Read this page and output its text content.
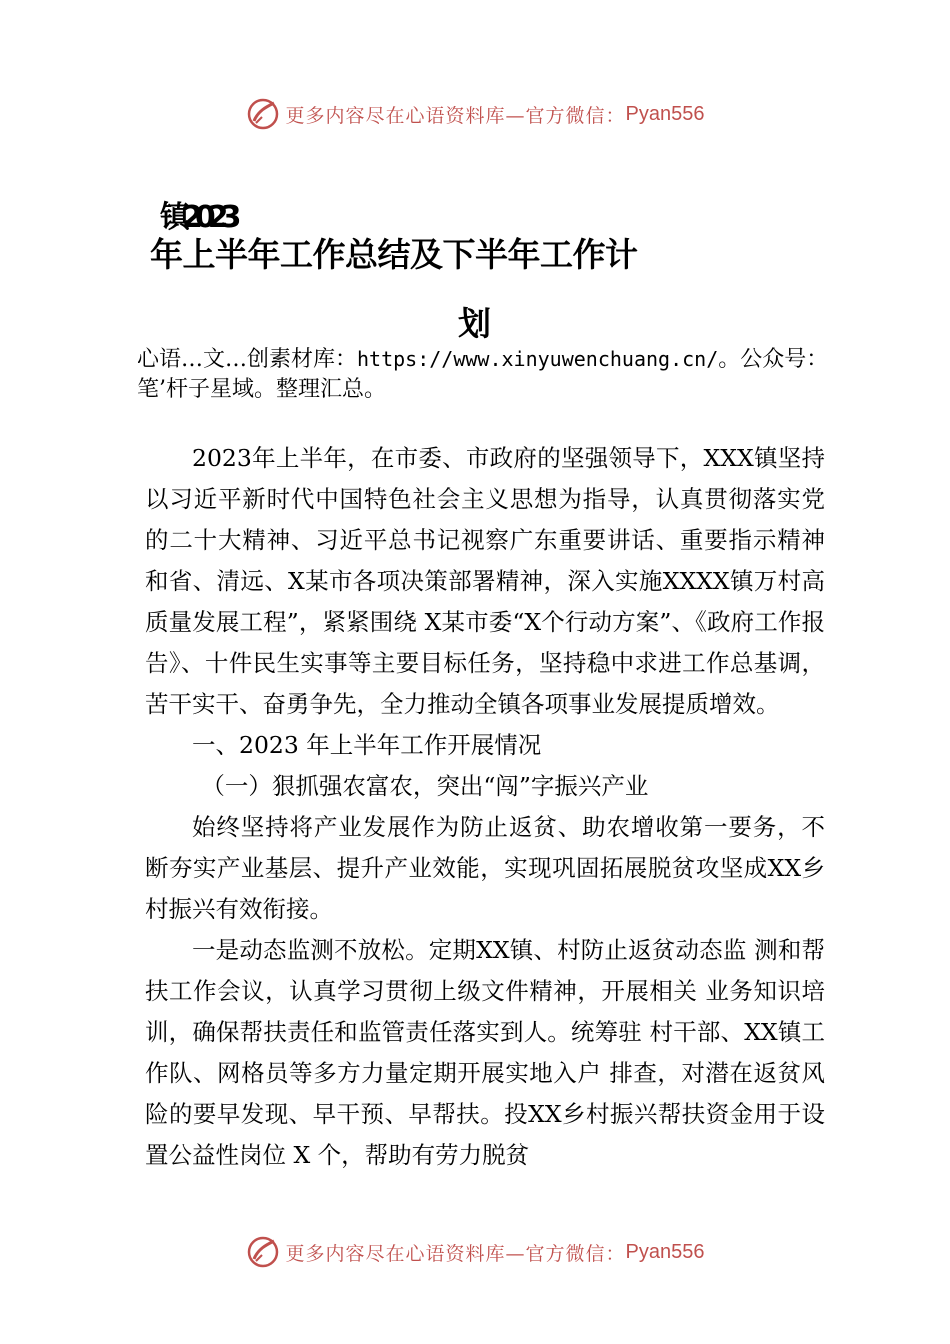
更多内容尽在心语资料库—官方微信： Pyan556
镇2023
年上半年工作总结及下半年工作计
划
心语…文…创素材库：https://www.xinyuwenchuang.cn/。公众号：笔’杆子星域。整理汇总。

2023年上半年，在市委、市政府的坚强领导下，XXX镇坚持以习近平新时代中国特色社会主义思想为指导，认真贯彻落实党的二十大精神、习近平总书记视察广东重要讲话、重要指示精神和省、清远、X某市各项决策部署精神，深入实施XXXX镇万村高质量发展工程”，紧紧围绕 X某市委“X个行动方案”、《政府工作报告》、十件民生实事等主要目标任务，坚持稳中求进工作总基调，苦干实干、奋勇争先，全力推动全镇各项事业发展提质增效。

一、2023 年上半年工作开展情况

（一）狠抓强农富农，突出“闯”字振兴产业

始终坚持将产业发展作为防止返贫、助农增收第一要务，不断夯实产业基层、提升产业效能，实现巩固拓展脱贫攻坚成XX乡村振兴有效衔接。

一是动态监测不放松。定期XX镇、村防止返贫动态监 测和帮扶工作会议，认真学习贯彻上级文件精神，开展相关 业务知识培训，确保帮扶责任和监管责任落实到人。统筹驻 村干部、XX镇工作队、网格员等多方力量定期开展实地入户 排查，对潜在返贫风险的要早发现、早干预、早帮扶。投XX乡村振兴帮扶资金用于设置公益性岗位 X 个，帮助有劳力脱贫

更多内容尽在心语资料库—官方微信： Pyan556
